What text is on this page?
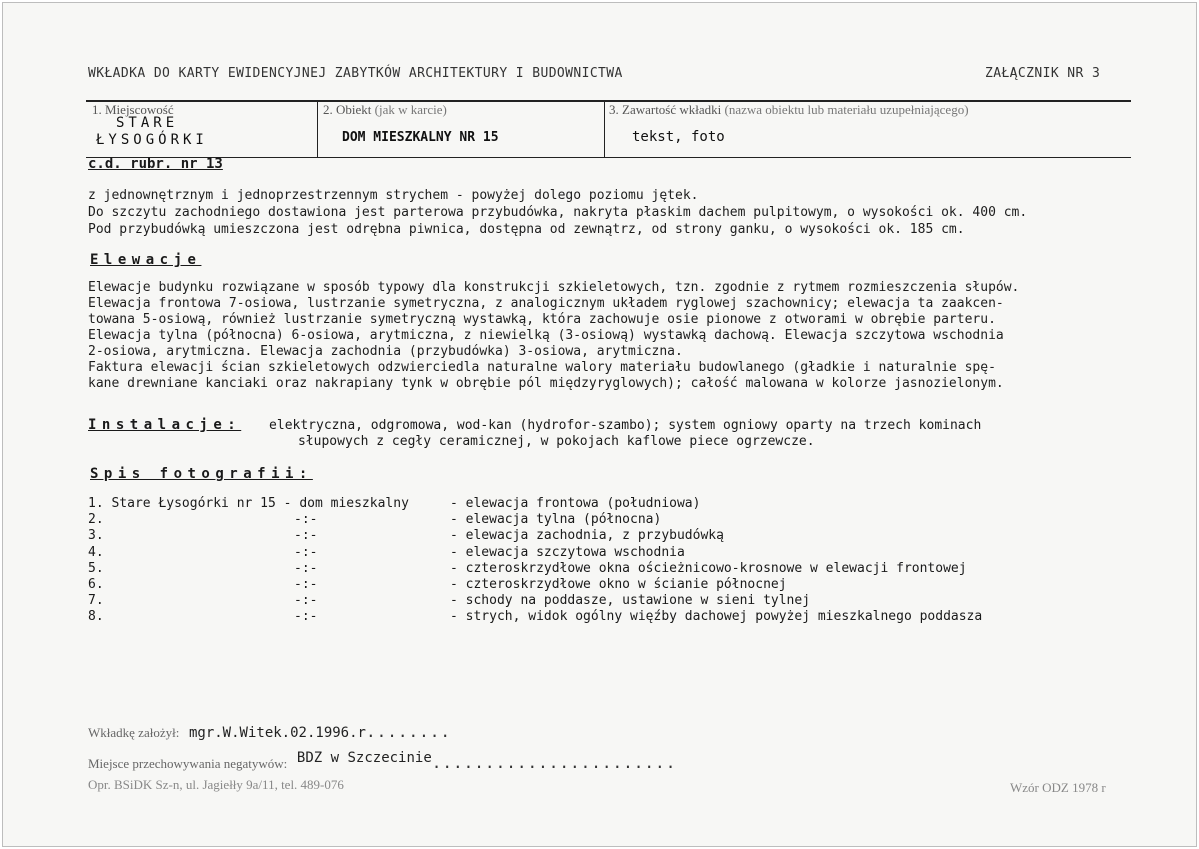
WKŁADKA DO KARTY EWIDENCYJNEJ ZABYTKÓW ARCHITEKTURY I BUDOWNICTWA	ZAŁĄCZNIK NR 3
1. Miejscowość
STARE
ŁYSOGÓRKI
2. Obiekt (jak w karcie)
DOM MIESZKALNY NR 15
3. Zawartość wkładki (nazwa obiektu lub materiału uzupełniającego)
tekst, foto
c.d. rubr. nr 13
z jednownętrznym i jednoprzestrzennym strychem - powyżej dolego poziomu jętek.
Do szczytu zachodniego dostawiona jest parterowa przybudówka, nakryta płaskim dachem pulpitowym, o wysokości ok. 400 cm.
Pod przybudówką umieszczona jest odrębna piwnica, dostępna od zewnątrz, od strony ganku, o wysokości ok. 185 cm.
Elewacje
Elewacje budynku rozwiązane w sposób typowy dla konstrukcji szkieletowych, tzn. zgodnie z rytmem rozmieszczenia słupów.
Elewacja frontowa 7-osiowa, lustrzanie symetryczna, z analogicznym układem ryglowej szachownicy; elewacja ta zaakcen-
towana 5-osiową, również lustrzanie symetryczną wystawką, która zachowuje osie pionowe z otworami w obrębie parteru.
Elewacja tylna (północna) 6-osiowa, arytmiczna, z niewielką (3-osiową) wystawką dachową. Elewacja szczytowa wschodnia
2-osiowa, arytmiczna. Elewacja zachodnia (przybudówka) 3-osiowa, arytmiczna.
Faktura elewacji ścian szkieletowych odzwierciedla naturalne walory materiału budowlanego (gładkie i naturalnie spę-
kane drewniane kanciaki oraz nakrapiany tynk w obrębie pól międzyryglowych); całość malowana w kolorze jasnozielonym.
Instalacje: elektryczna, odgromowa, wod-kan (hydrofor-szambo); system ogniowy oparty na trzech kominach
słupowych z cegły ceramicznej, w pokojach kaflowe piece ogrzewcze.
Spis fotografii:
1. Stare Łysogórki nr 15 - dom mieszkalny	- elewacja frontowa (południowa)
2.	-:-	- elewacja tylna (północna)
3.	-:-	- elewacja zachodnia, z przybudówką
4.	-:-	- elewacja szczytowa wschodnia
5.	-:-	- czteroskrzydłowe okna ościeżnicowo-krosnowe w elewacji frontowej
6.	-:-	- czteroskrzydłowe okno w ścianie północnej
7.	-:-	- schody na poddasze, ustawione w sieni tylnej
8.	-:-	- strych, widok ogólny więźby dachowej powyżej mieszkalnego poddasza
Wkładkę założył: mgr.W.Witek.02.1996.r........
Miejsce przechowywania negatywów: BDZ w Szczecinie.......................
Opr. BSiDK Sz-n, ul. Jagiełły 9a/11, tel. 489-076	Wzór ODZ 1978 r
